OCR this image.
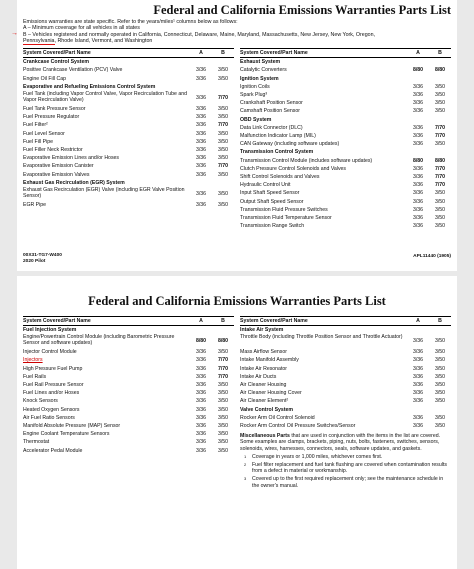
Federal and California Emissions Warranties Parts List
Emissions warranties are state specific. Refer to the years/miles¹ columns below as follows:
A – Minimum coverage for all vehicles in all states
→ B – Vehicles registered and normally operated in California, Connecticut, Delaware, Maine, Maryland, Massachusetts, New Jersey, New York, Oregon,
Pennsylvania, Rhode Island, Vermont, and Washington
System Covered/Part Name	A	B
Crankcase Control System
Positive Crankcase Ventilation (PCV) Valve	3/36	3/50
Engine Oil Fill Cap	3/36	3/50
Evaporative and Refueling Emissions Control System
Fuel Tank (including Vapor Control Valve, Vapor Recirculation Tube and Vapor Recirculation Valve)	3/36	7/70
Fuel Tank Pressure Sensor	3/36	3/50
Fuel Pressure Regulator	3/36	3/50
Fuel Filter²	3/36	7/70
Fuel Level Sensor	3/36	3/50
Fuel Fill Pipe	3/36	3/50
Fuel Filler Neck Restrictor	3/36	3/50
Evaporative Emission Lines and/or Hoses	3/36	3/50
Evaporative Emission Canister	3/36	7/70
Evaporative Emission Valves	3/36	3/50
Exhaust Gas Recirculation (EGR) System
Exhaust Gas Recirculation (EGR) Valve (including EGR Valve Position Sensor)	3/36	3/50
EGR Pipe	3/36	3/50
System Covered/Part Name	A	B
Exhaust System
Catalytic Converters	8/80	8/80
Ignition System
Ignition Coils	3/36	3/50
Spark Plug³	3/36	3/50
Crankshaft Position Sensor	3/36	3/50
Camshaft Position Sensor	3/36	3/50
OBD System
Data Link Connector (DLC)	3/36	7/70
Malfunction Indicator Lamp (MIL)	3/36	7/70
CAN Gateway (including software updates)	3/36	3/50
Transmission Control System
Transmission Control Module (includes software updates)	8/80	8/80
Clutch Pressure Control Solenoids and Valves	3/36	7/70
Shift Control Solenoids and Valves	3/36	7/70
Hydraulic Control Unit	3/36	7/70
Input Shaft Speed Sensor	3/36	3/50
Output Shaft Speed Sensor	3/36	3/50
Transmission Fluid Pressure Switches	3/36	3/50
Transmission Fluid Temperature Sensor	3/36	3/50
Transmission Range Switch	3/36	3/50
00X31-TG7-W400
2020 Pilot
APL11440 (1905)
Federal and California Emissions Warranties Parts List
System Covered/Part Name	A	B
Fuel Injection System
Engine/Powertrain Control Module (including Barometric Pressure Sensor and software updates)	8/80	8/80
Injector Control Module	3/36	3/50
Injectors	3/36	7/70
High Pressure Fuel Pump	3/36	7/70
Fuel Rails	3/36	7/70
Fuel Rail Pressure Sensor	3/36	3/50
Fuel Lines and/or Hoses	3/36	3/50
Knock Sensors	3/36	3/50
Heated Oxygen Sensors	3/36	3/50
Air Fuel Ratio Sensors	3/36	3/50
Manifold Absolute Pressure (MAP) Sensor	3/36	3/50
Engine Coolant Temperature Sensors	3/36	3/50
Thermostat	3/36	3/50
Accelerator Pedal Module	3/36	3/50
System Covered/Part Name	A	B
Intake Air System
Throttle Body (including Throttle Position Sensor and Throttle Actuator)
3/36	3/50
Mass Airflow Sensor	3/36	3/50
Intake Manifold Assembly	3/36	3/50
Intake Air Resonator	3/36	3/50
Intake Air Ducts	3/36	3/50
Air Cleaner Housing	3/36	3/50
Air Cleaner Housing Cover	3/36	3/50
Air Cleaner Element²	3/36	3/50
Valve Control System
Rocker Arm Oil Control Solenoid	3/36	3/50
Rocker Arm Control Oil Pressure Switches/Sensor	3/36	3/50
Miscellaneous Parts that are used in conjunction with the items in the list are covered. Some examples are clamps, brackets, piping, nuts, bolts, fasteners, switches, sensors, solenoids, wires, harnesses, connectors, seals, software updates, and gaskets.
1	Coverage in years or 1,000 miles, whichever comes first.
2	Fuel filter replacement and fuel tank flushing are covered when contamination results from a defect in material or workmanship.
3	Covered up to the first required replacement only; see the maintenance schedule in the owner's manual.
